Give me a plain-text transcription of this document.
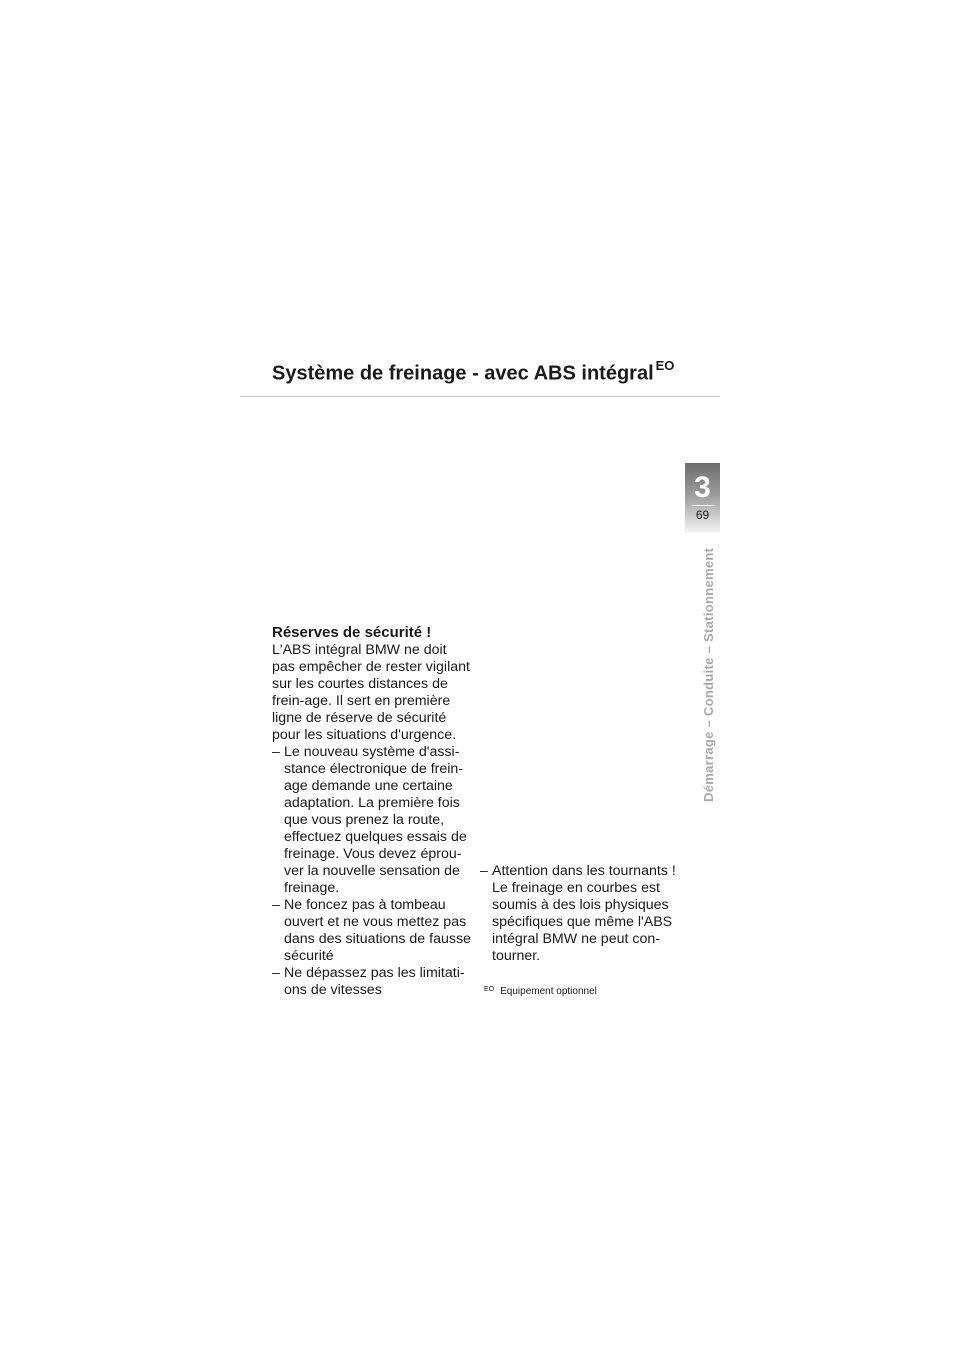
Système de freinage - avec ABS intégral $^{EO}$
3
69
Démarrage – Conduite – Stationnement
Réserves de sécurité !

L'ABS intégral BMW ne doit pas empêcher de rester vigilant sur les courtes distances de frein-age. Il sert en première ligne de réserve de sécurité pour les situations d'urgence.

– Le nouveau système d'assi-stance électronique de frein-age demande une certaine adaptation. La première fois que vous prenez la route, effectuez quelques essais de freinage. Vous devez éprou-ver la nouvelle sensation de freinage.
– Ne foncez pas à tombeau ouvert et ne vous mettez pas dans des situations de fausse sécurité
– Ne dépassez pas les limitati-ons de vitesses
– Attention dans les tournants ! Le freinage en courbes est soumis à des lois physiques spécifiques que même l'ABS intégral BMW ne peut con-tourner.
$^{EO}$ Equipement optionnel
